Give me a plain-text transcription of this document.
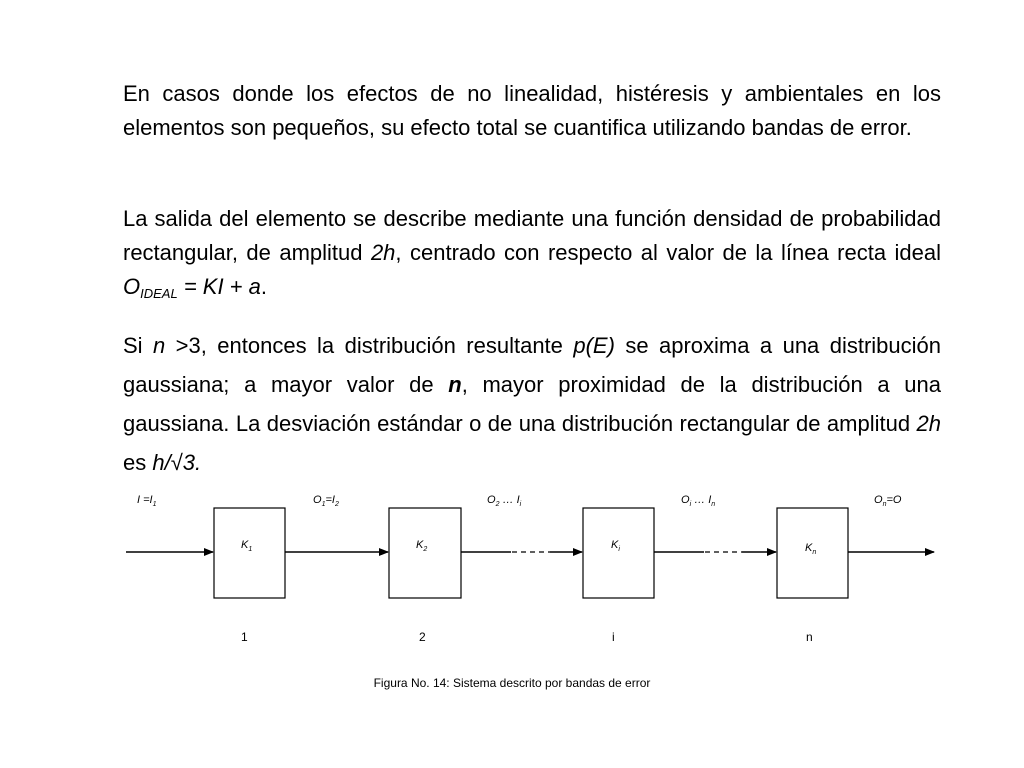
En casos donde los efectos de no linealidad, histéresis y ambientales en los elementos son pequeños, su efecto total se cuantifica utilizando bandas de error.

La salida del elemento se describe mediante una función densidad de probabilidad rectangular, de amplitud 2h, centrado con respecto al valor de la línea recta ideal $O_{IDEAL}$ = KI + a.

Si n >3, entonces la distribución resultante p(E) se aproxima a una distribución gaussiana; a mayor valor de n, mayor proximidad de la distribución a una gaussiana. La desviación estándar o de una distribución rectangular de amplitud 2h es h/√3.

$I =I_1$	$O_1=I_2$	$O_2$ … $I_i$	$O_i$ … $I_n$	$O_n=O$
$K_1$	$K_2$	$K_i$	$K_n$
1	2	i	n
Figura No. 14: Sistema descrito por bandas de error
